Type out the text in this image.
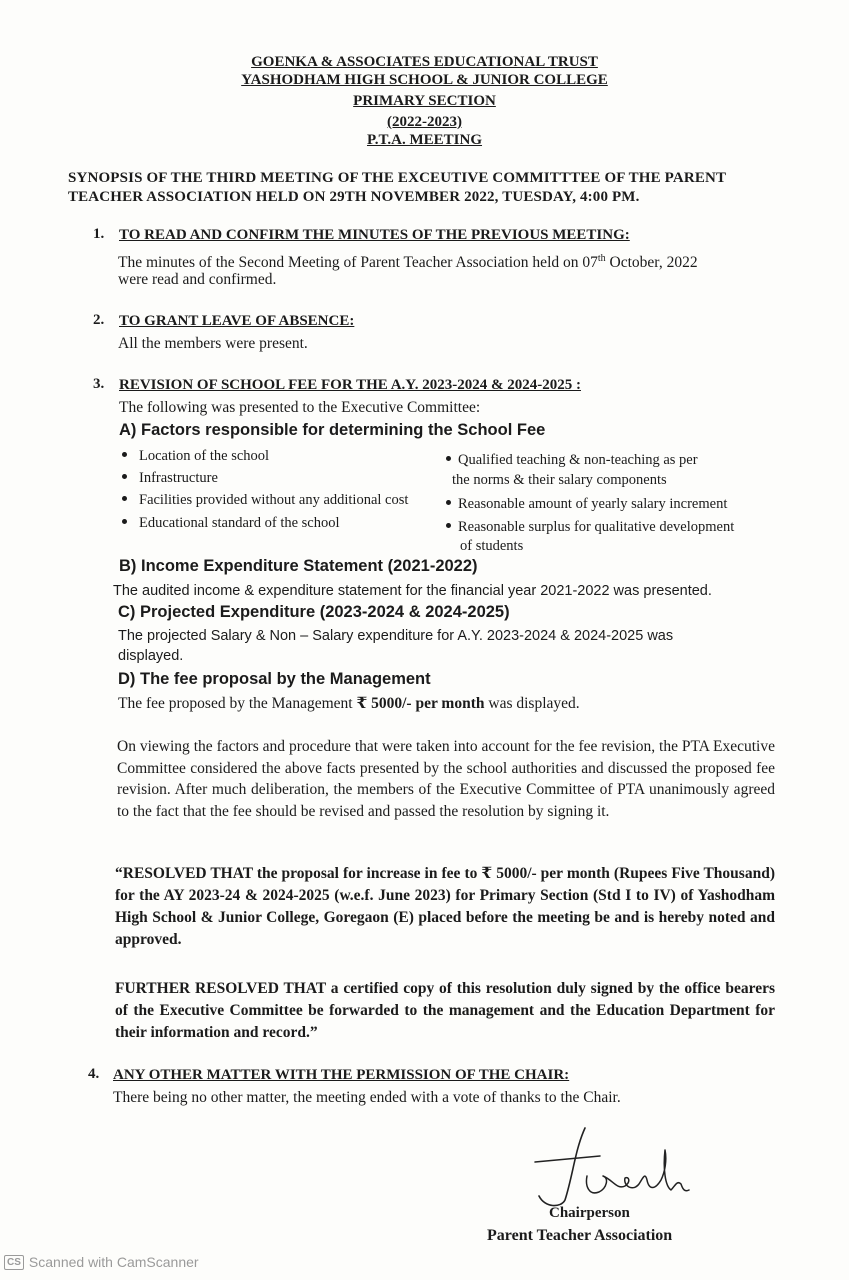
GOENKA & ASSOCIATES EDUCATIONAL TRUST
YASHODHAM HIGH SCHOOL & JUNIOR COLLEGE
PRIMARY SECTION
(2022-2023)
P.T.A. MEETING
SYNOPSIS OF THE THIRD MEETING OF THE EXCEUTIVE COMMITTTEE OF THE PARENT
TEACHER ASSOCIATION HELD ON 29TH NOVEMBER 2022, TUESDAY, 4:00 PM.
1. TO READ AND CONFIRM THE MINUTES OF THE PREVIOUS MEETING:
The minutes of the Second Meeting of Parent Teacher Association held on 07th October, 2022
were read and confirmed.
2. TO GRANT LEAVE OF ABSENCE:
All the members were present.
3. REVISION OF SCHOOL FEE FOR THE A.Y. 2023-2024 & 2024-2025 :
The following was presented to the Executive Committee:
A) Factors responsible for determining the School Fee
Location of the school
Infrastructure
Facilities provided without any additional cost
Educational standard of the school
Qualified teaching & non-teaching as per
the norms & their salary components
Reasonable amount of yearly salary increment
Reasonable surplus for qualitative development
of students
B) Income Expenditure Statement (2021-2022)
The audited income & expenditure statement for the financial year 2021-2022 was presented.
C) Projected Expenditure (2023-2024 & 2024-2025)
The projected Salary & Non – Salary expenditure for A.Y. 2023-2024 & 2024-2025 was
displayed.
D) The fee proposal by the Management
The fee proposed by the Management ₹ 5000/- per month was displayed.
On viewing the factors and procedure that were taken into account for the fee revision, the PTA Executive Committee considered the above facts presented by the school authorities and discussed the proposed fee revision. After much deliberation, the members of the Executive Committee of PTA unanimously agreed to the fact that the fee should be revised and passed the resolution by signing it.
“RESOLVED THAT the proposal for increase in fee to ₹ 5000/- per month (Rupees Five Thousand) for the AY 2023-24 & 2024-2025 (w.e.f. June 2023) for Primary Section (Std I to IV) of Yashodham High School & Junior College, Goregaon (E) placed before the meeting be and is hereby noted and approved.
FURTHER RESOLVED THAT a certified copy of this resolution duly signed by the office bearers of the Executive Committee be forwarded to the management and the Education Department for their information and record.”
4. ANY OTHER MATTER WITH THE PERMISSION OF THE CHAIR:
There being no other matter, the meeting ended with a vote of thanks to the Chair.
Chairperson
Parent Teacher Association
CS Scanned with CamScanner
